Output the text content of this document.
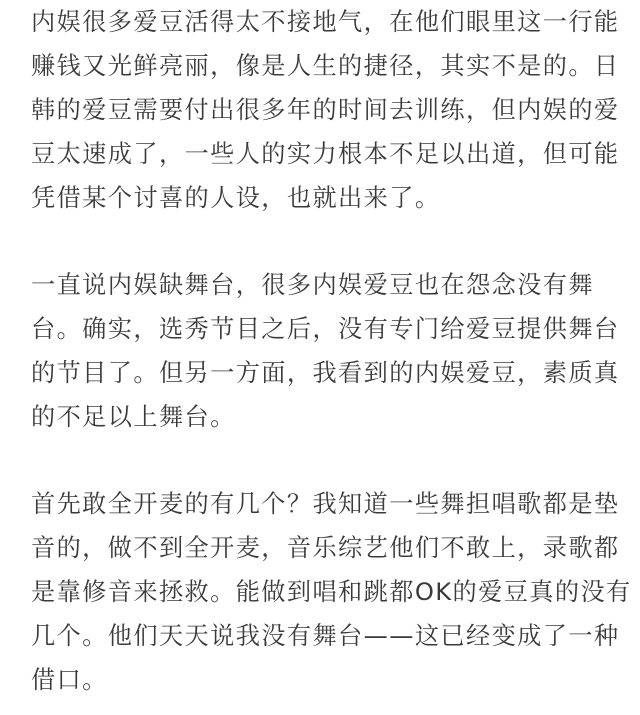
内娱很多爱豆活得太不接地气，在他们眼里这一行能
赚钱又光鲜亮丽，像是人生的捷径，其实不是的。日
韩的爱豆需要付出很多年的时间去训练，但内娱的爱
豆太速成了，一些人的实力根本不足以出道，但可能
凭借某个讨喜的人设，也就出来了。

一直说内娱缺舞台，很多内娱爱豆也在怨念没有舞
台。确实，选秀节目之后，没有专门给爱豆提供舞台
的节目了。但另一方面，我看到的内娱爱豆，素质真
的不足以上舞台。

首先敢全开麦的有几个？我知道一些舞担唱歌都是垫
音的，做不到全开麦，音乐综艺他们不敢上，录歌都
是靠修音来拯救。能做到唱和跳都OK的爱豆真的没有
几个。他们天天说我没有舞台——这已经变成了一种
借口。
